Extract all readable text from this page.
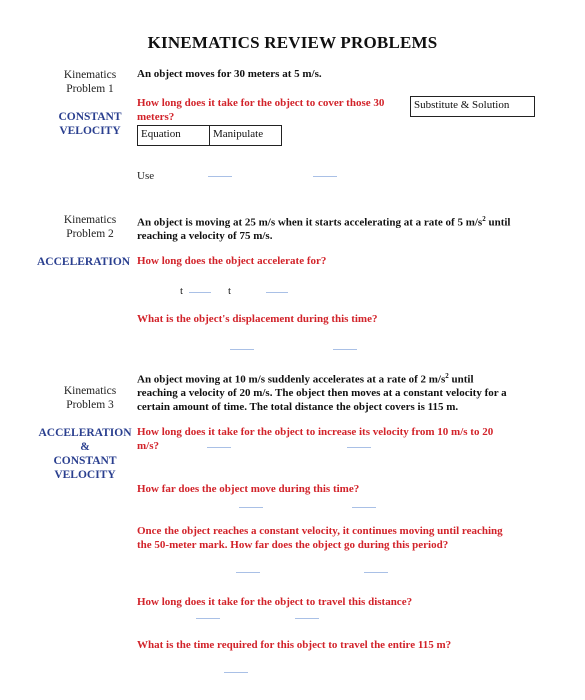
KINEMATICS REVIEW PROBLEMS
Kinematics
Problem 1
CONSTANT
VELOCITY
An object moves for 30 meters at 5 m/s.
How long does it take for the object to cover those 30
meters?
Substitute & Solution
Equation	Manipulate
Use
Kinematics
Problem 2
An object is moving at 25 m/s when it starts accelerating at a rate of 5 $m/s^2$ until
reaching a velocity of 75 m/s.
ACCELERATION How long does the object accelerate for?
t	t
What is the object's displacement during this time?
Kinematics
Problem 3
An object moving at 10 m/s suddenly accelerates at a rate of 2 $m/s^2$ until
reaching a velocity of 20 m/s. The object then moves at a constant velocity for a
certain amount of time. The total distance the object covers is 115 m.
ACCELERATION
&
CONSTANT
VELOCITY
How long does it take for the object to increase its velocity from 10 m/s to 20
m/s?
How far does the object move during this time?
Once the object reaches a constant velocity, it continues moving until reaching
the 50-meter mark. How far does the object go during this period?
How long does it take for the object to travel this distance?
What is the time required for this object to travel the entire 115 m?
